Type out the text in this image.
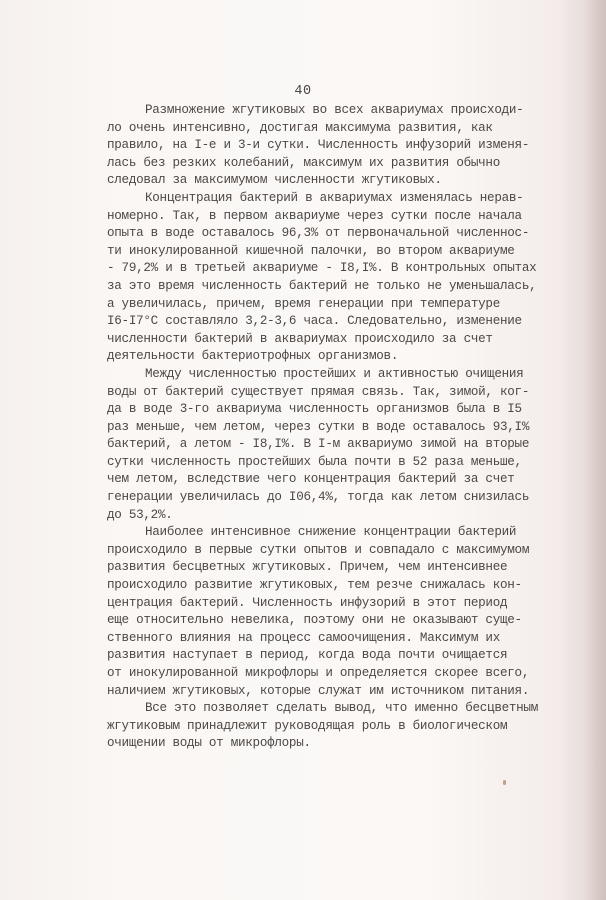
40
Размножение жгутиковых во всех аквариумах происходи-
ло очень интенсивно, достигая максимума развития, как
правило, на I-е и 3-и сутки. Численность инфузорий изменя-
лась без резких колебаний, максимум их развития обычно
следовал за максимумом численности жгутиковых.
Концентрация бактерий в аквариумах изменялась нерав-
номерно. Так, в первом аквариуме через сутки после начала
опыта в воде оставалось 96,3% от первоначальной численнос-
ти инокулированной кишечной палочки, во втором аквариуме
- 79,2% и в третьей аквариуме - I8,I%. В контрольных опытах
за это время численность бактерий не только не уменьшалась,
а увеличилась, причем, время генерации при температуре
I6-I7°С составляло 3,2-3,6 часа. Следовательно, изменение
численности бактерий в аквариумах происходило за счет
деятельности бактериотрофных организмов.
Между численностью простейших и активностью очищения
воды от бактерий существует прямая связь. Так, зимой, ког-
да в воде 3-го аквариума численность организмов была в I5
раз меньше, чем летом, через сутки в воде оставалось 93,I%
бактерий, а летом - I8,I%. В I-м аквариумо зимой на вторые
сутки численность простейших была почти в 52 раза меньше,
чем летом, вследствие чего концентрация бактерий за счет
генерации увеличилась до I06,4%, тогда как летом снизилась
до 53,2%.
Наиболее интенсивное снижение концентрации бактерий
происходило в первые сутки опытов и совпадало с максимумом
развития бесцветных жгутиковых. Причем, чем интенсивнее
происходило развитие жгутиковых, тем резче снижалась кон-
центрация бактерий. Численность инфузорий в этот период
еще относительно невелика, поэтому они не оказывают суще-
ственного влияния на процесс самоочищения. Максимум их
развития наступает в период, когда вода почти очищается
от инокулированной микрофлоры и определяется скорее всего,
наличием жгутиковых, которые служат им источником питания.
Все это позволяет сделать вывод, что именно бесцветным
жгутиковым принадлежит руководящая роль в биологическом
очищении воды от микрофлоры.
